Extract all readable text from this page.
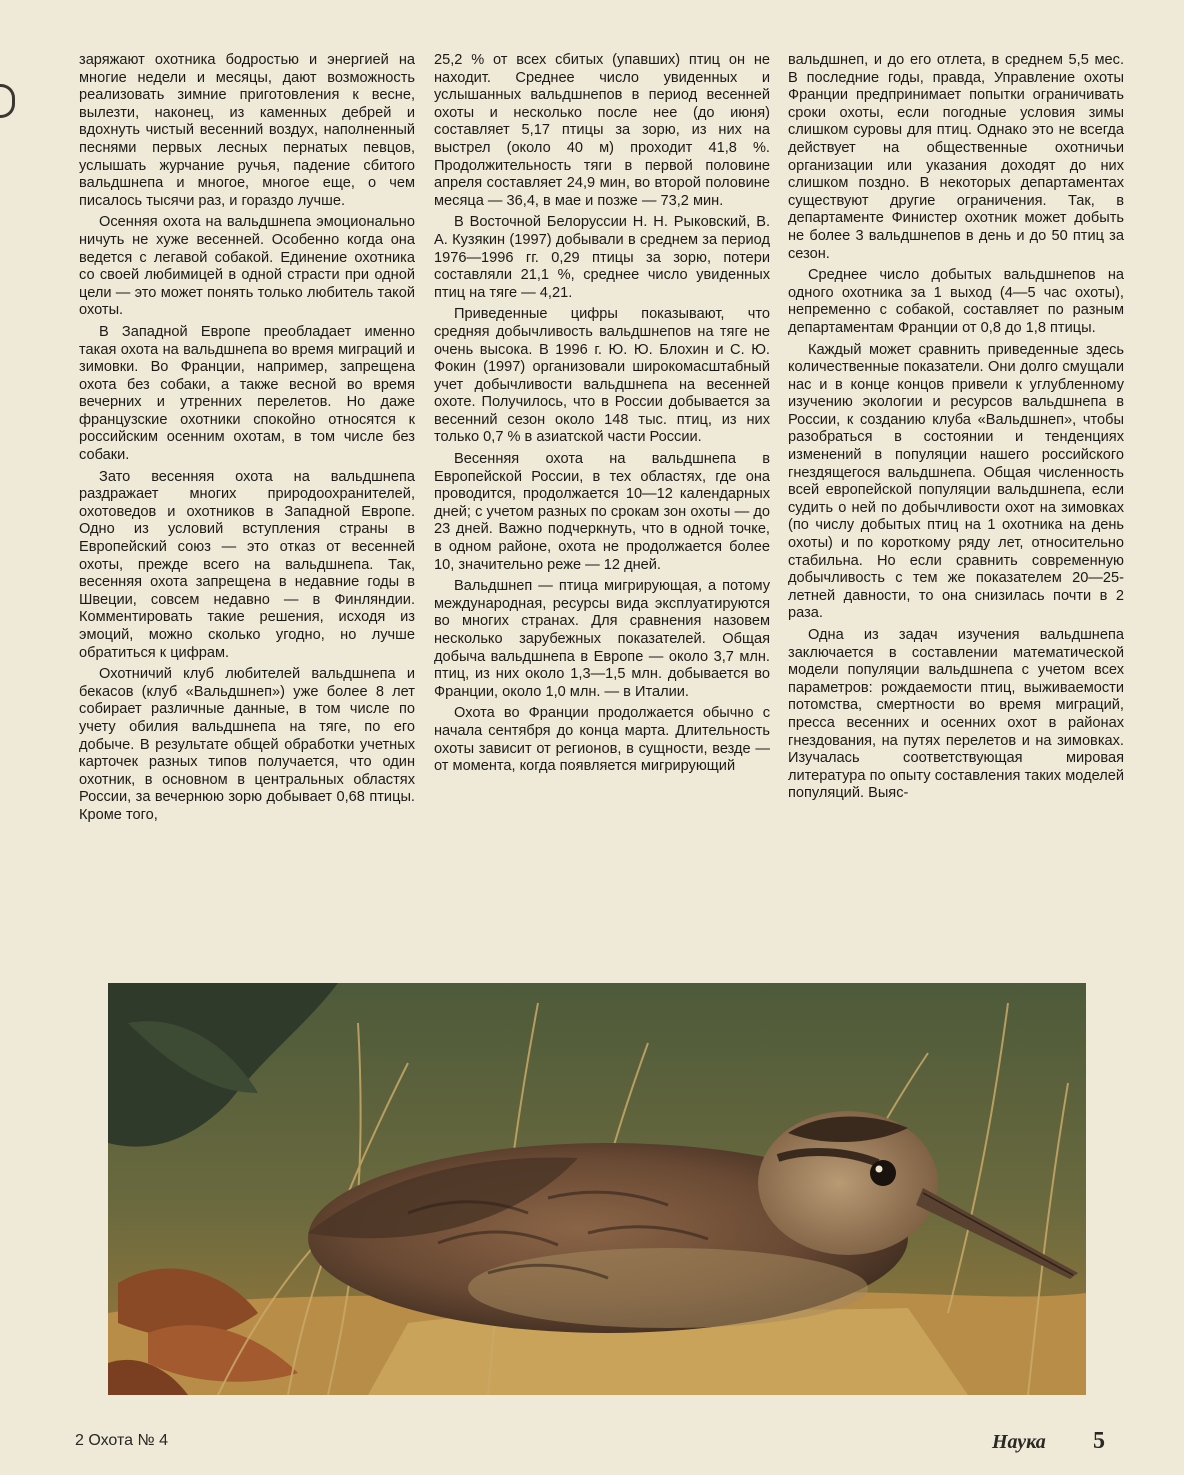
заряжают охотника бодростью и энергией на многие недели и месяцы, дают возможность реализовать зимние приготовления к весне, вылезти, наконец, из каменных дебрей и вдохнуть чистый весенний воздух, наполненный песнями первых лесных пернатых певцов, услышать журчание ручья, падение сбитого вальдшнепа и многое, многое еще, о чем писалось тысячи раз, и гораздо лучше.

Осенняя охота на вальдшнепа эмоционально ничуть не хуже весенней. Особенно когда она ведется с легавой собакой. Единение охотника со своей любимицей в одной страсти при одной цели — это может понять только любитель такой охоты.

В Западной Европе преобладает именно такая охота на вальдшнепа во время миграций и зимовки. Во Франции, например, запрещена охота без собаки, а также весной во время вечерних и утренних перелетов. Но даже французские охотники спокойно относятся к российским осенним охотам, в том числе без собаки.

Зато весенняя охота на вальдшнепа раздражает многих природоохранителей, охотоведов и охотников в Западной Европе. Одно из условий вступления страны в Европейский союз — это отказ от весенней охоты, прежде всего на вальдшнепа. Так, весенняя охота запрещена в недавние годы в Швеции, совсем недавно — в Финляндии. Комментировать такие решения, исходя из эмоций, можно сколько угодно, но лучше обратиться к цифрам.

Охотничий клуб любителей вальдшнепа и бекасов (клуб «Вальдшнеп») уже более 8 лет собирает различные данные, в том числе по учету обилия вальдшнепа на тяге, по его добыче. В результате общей обработки учетных карточек разных типов получается, что один охотник, в основном в центральных областях России, за вечернюю зорю добывает 0,68 птицы. Кроме того,

25,2 % от всех сбитых (упавших) птиц он не находит. Среднее число увиденных и услышанных вальдшнепов в период весенней охоты и несколько после нее (до июня) составляет 5,17 птицы за зорю, из них на выстрел (около 40 м) проходит 41,8 %. Продолжительность тяги в первой половине апреля составляет 24,9 мин, во второй половине месяца — 36,4, в мае и позже — 73,2 мин.

В Восточной Белоруссии Н. Н. Рыковский, В. А. Кузякин (1997) добывали в среднем за период 1976—1996 гг. 0,29 птицы за зорю, потери составляли 21,1 %, среднее число увиденных птиц на тяге — 4,21.

Приведенные цифры показывают, что средняя добычливость вальдшнепов на тяге не очень высока. В 1996 г. Ю. Ю. Блохин и С. Ю. Фокин (1997) организовали широкомасштабный учет добычливости вальдшнепа на весенней охоте. Получилось, что в России добывается за весенний сезон около 148 тыс. птиц, из них только 0,7 % в азиатской части России.

Весенняя охота на вальдшнепа в Европейской России, в тех областях, где она проводится, продолжается 10—12 календарных дней; с учетом разных по срокам зон охоты — до 23 дней. Важно подчеркнуть, что в одной точке, в одном районе, охота не продолжается более 10, значительно реже — 12 дней.

Вальдшнеп — птица мигрирующая, а потому международная, ресурсы вида эксплуатируются во многих странах. Для сравнения назовем несколько зарубежных показателей. Общая добыча вальдшнепа в Европе — около 3,7 млн. птиц, из них около 1,3—1,5 млн. добывается во Франции, около 1,0 млн. — в Италии.

Охота во Франции продолжается обычно с начала сентября до конца марта. Длительность охоты зависит от регионов, в сущности, везде — от момента, когда появляется мигрирующий

вальдшнеп, и до его отлета, в среднем 5,5 мес. В последние годы, правда, Управление охоты Франции предпринимает попытки ограничивать сроки охоты, если погодные условия зимы слишком суровы для птиц. Однако это не всегда действует на общественные охотничьи организации или указания доходят до них слишком поздно. В некоторых департаментах существуют другие ограничения. Так, в департаменте Финистер охотник может добыть не более 3 вальдшнепов в день и до 50 птиц за сезон.

Среднее число добытых вальдшнепов на одного охотника за 1 выход (4—5 час охоты), непременно с собакой, составляет по разным департаментам Франции от 0,8 до 1,8 птицы.

Каждый может сравнить приведенные здесь количественные показатели. Они долго смущали нас и в конце концов привели к углубленному изучению экологии и ресурсов вальдшнепа в России, к созданию клуба «Вальдшнеп», чтобы разобраться в состоянии и тенденциях изменений в популяции нашего российского гнездящегося вальдшнепа. Общая численность всей европейской популяции вальдшнепа, если судить о ней по добычливости охот на зимовках (по числу добытых птиц на 1 охотника на день охоты) и по короткому ряду лет, относительно стабильна. Но если сравнить современную добычливость с тем же показателем 20—25-летней давности, то она снизилась почти в 2 раза.

Одна из задач изучения вальдшнепа заключается в составлении математической модели популяции вальдшнепа с учетом всех параметров: рождаемости птиц, выживаемости потомства, смертности во время миграций, пресса весенних и осенних охот в районах гнездования, на путях перелетов и на зимовках. Изучалась соответствующая мировая литература по опыту составления таких моделей популяций. Выяс-

2 Охота № 4	Наука 5
